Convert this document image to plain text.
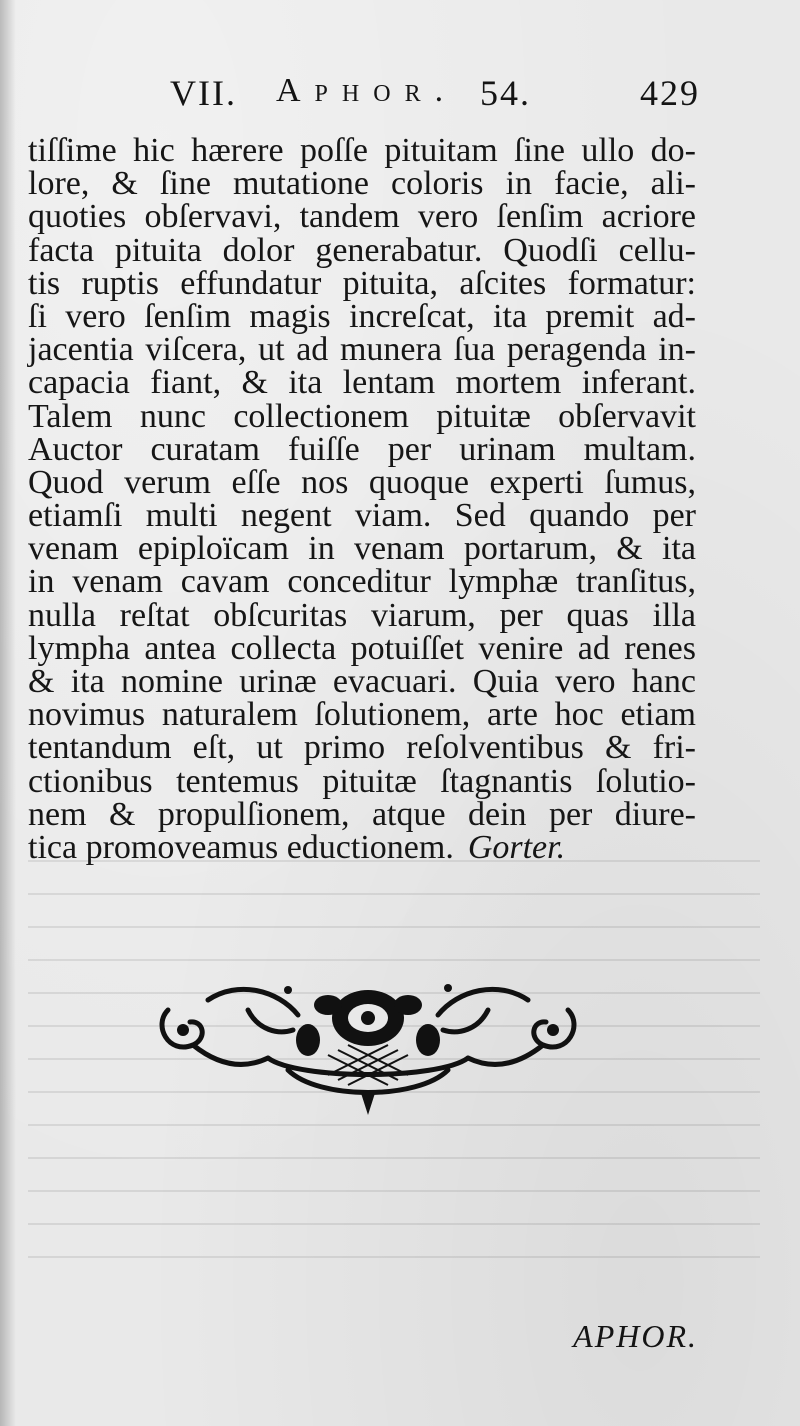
VII. Aphor. 54.	429
tiſſime hic hærere poſſe pituitam ſine ullo do-
lore, & ſine mutatione coloris in facie, ali-
quoties obſervavi, tandem vero ſenſim acriore
facta pituita dolor generabatur. Quodſi cellu-
tis ruptis effundatur pituita, aſcites formatur:
ſi vero ſenſim magis increſcat, ita premit ad-
jacentia viſcera, ut ad munera ſua peragenda in-
capacia fiant, & ita lentam mortem inferant.
Talem nunc collectionem pituitæ obſervavit
Auctor curatam fuiſſe per urinam multam.
Quod verum eſſe nos quoque experti ſumus,
etiamſi multi negent viam. Sed quando per
venam epiploïcam in venam portarum, & ita
in venam cavam conceditur lymphæ tranſitus,
nulla reſtat obſcuritas viarum, per quas illa
lympha antea collecta potuiſſet venire ad renes
& ita nomine urinæ evacuari. Quia vero hanc
novimus naturalem ſolutionem, arte hoc etiam
tentandum eſt, ut primo reſolventibus & fri-
ctionibus tentemus pituitæ ſtagnantis ſolutio-
nem & propulſionem, atque dein per diure-
tica promoveamus eductionem. Gorter.
APHOR.
